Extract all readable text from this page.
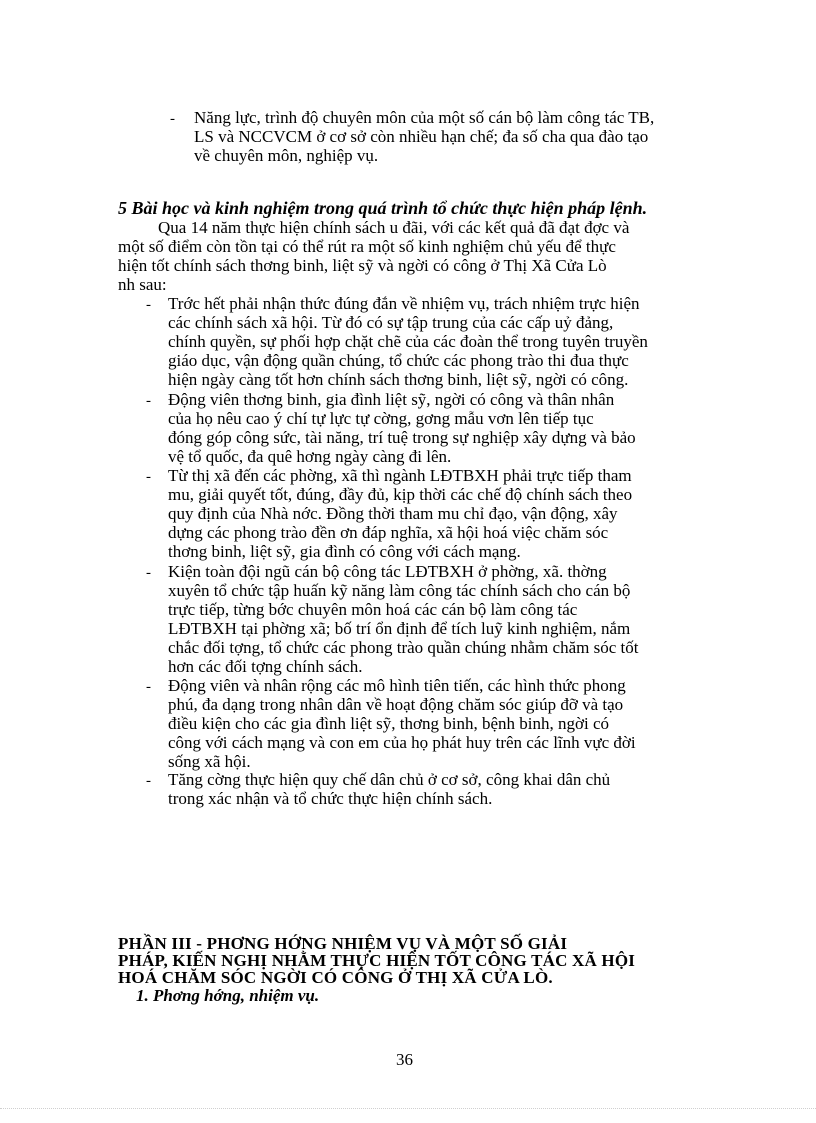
- Năng lực, trình độ chuyên môn của một số cán bộ làm công tác TB,
LS và NCCVCM ở cơ sở còn nhiều hạn chế; đa số cha qua đào tạo
về chuyên môn, nghiệp vụ.
5 Bài học và kinh nghiệm trong quá trình tổ chức thực hiện pháp lệnh.
Qua 14 năm thực hiện chính sách u đãi, với các kết quả đã đạt đợc và
một số điểm còn tồn tại có thể rút ra một số kinh nghiệm chủ yếu để thực
hiện tốt chính sách thơng binh, liệt sỹ và ngời có công ở Thị Xã Cửa Lò
nh sau:
- Trớc hết phải nhận thức đúng đắn về nhiệm vụ, trách nhiệm trực hiện
các chính sách xã hội. Từ đó có sự tập trung của các cấp uỷ đảng,
chính quyền, sự phối hợp chặt chẽ của các đoàn thể trong tuyên truyền
giáo dục, vận động quần chúng, tổ chức các phong trào thi đua thực
hiện ngày càng tốt hơn chính sách thơng binh, liệt sỹ, ngời có công.
- Động viên thơng binh, gia đình liệt sỹ, ngời có công và thân nhân
của họ nêu cao ý chí tự lực tự cờng, gơng mẫu vơn lên tiếp tục
đóng góp công sức, tài năng, trí tuệ trong sự nghiệp xây dựng và bảo
vệ tổ quốc, đa quê hơng ngày càng đi lên.
- Từ thị xã đến các phờng, xã thì ngành LĐTBXH phải trực tiếp tham
mu, giải quyết tốt, đúng, đầy đủ, kịp thời các chế độ chính sách theo
quy định của Nhà nớc. Đồng thời tham mu chỉ đạo, vận động, xây
dựng các phong trào đền ơn đáp nghĩa, xã hội hoá việc chăm sóc
thơng binh, liệt sỹ, gia đình có công với cách mạng.
- Kiện toàn đội ngũ cán bộ công tác LĐTBXH ở phờng, xã. thờng
xuyên tổ chức tập huấn kỹ năng làm công tác chính sách cho cán bộ
trực tiếp, từng bớc chuyên môn hoá các cán bộ làm công tác
LĐTBXH tại phờng xã; bố trí ổn định để tích luỹ kinh nghiệm, nắm
chắc đối tợng, tổ chức các phong trào quần chúng nhằm chăm sóc tốt
hơn các đối tợng chính sách.
- Động viên và nhân rộng các mô hình tiên tiến, các hình thức phong
phú, đa dạng trong nhân dân về hoạt động chăm sóc giúp đỡ và tạo
điều kiện cho các gia đình liệt sỹ, thơng binh, bệnh binh, ngời có
công với cách mạng và con em của họ phát huy trên các lĩnh vực đời
sống xã hội.
- Tăng cờng thực hiện quy chế dân chủ ở cơ sở, công khai dân chủ
trong xác nhận và tổ chức thực hiện chính sách.
PHẦN III - PHƠNG HỚNG NHIỆM VỤ VÀ MỘT SỐ GIẢI
PHÁP, KIẾN NGHỊ NHẰM THỰC HIỆN TỐT CÔNG TÁC XÃ HỘI
HOÁ CHĂM SÓC NGỜI CÓ CÔNG Ở THỊ XÃ CỬA LÒ.
1. Phơng hớng, nhiệm vụ.
36
